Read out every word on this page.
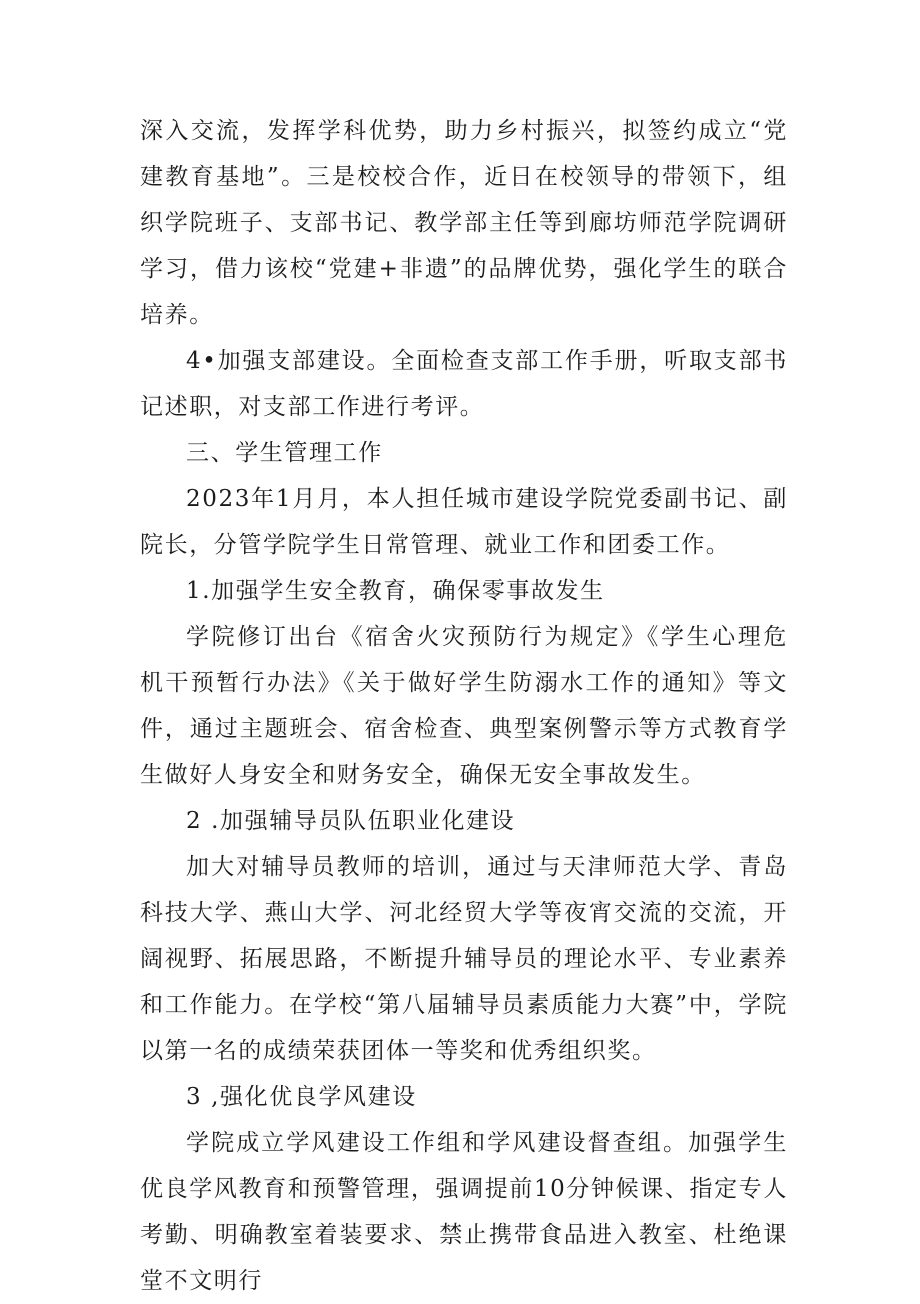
深入交流，发挥学科优势，助力乡村振兴，拟签约成立“党建教育基地”。三是校校合作，近日在校领导的带领下，组织学院班子、支部书记、教学部主任等到廊坊师范学院调研学习，借力该校“党建+非遗”的品牌优势，强化学生的联合培养。

4•加强支部建设。全面检查支部工作手册，听取支部书记述职，对支部工作进行考评。

三、学生管理工作

2023年1月月，本人担任城市建设学院党委副书记、副院长，分管学院学生日常管理、就业工作和团委工作。

1.加强学生安全教育，确保零事故发生

学院修订出台《宿舍火灾预防行为规定》《学生心理危机干预暂行办法》《关于做好学生防溺水工作的通知》等文件，通过主题班会、宿舍检查、典型案例警示等方式教育学生做好人身安全和财务安全，确保无安全事故发生。

2 .加强辅导员队伍职业化建设

加大对辅导员教师的培训，通过与天津师范大学、青岛科技大学、燕山大学、河北经贸大学等夜宵交流的交流，开阔视野、拓展思路，不断提升辅导员的理论水平、专业素养和工作能力。在学校“第八届辅导员素质能力大赛”中，学院以第一名的成绩荣获团体一等奖和优秀组织奖。

3 ,强化优良学风建设

学院成立学风建设工作组和学风建设督查组。加强学生优良学风教育和预警管理，强调提前10分钟候课、指定专人考勤、明确教室着装要求、禁止携带食品进入教室、杜绝课堂不文明行
